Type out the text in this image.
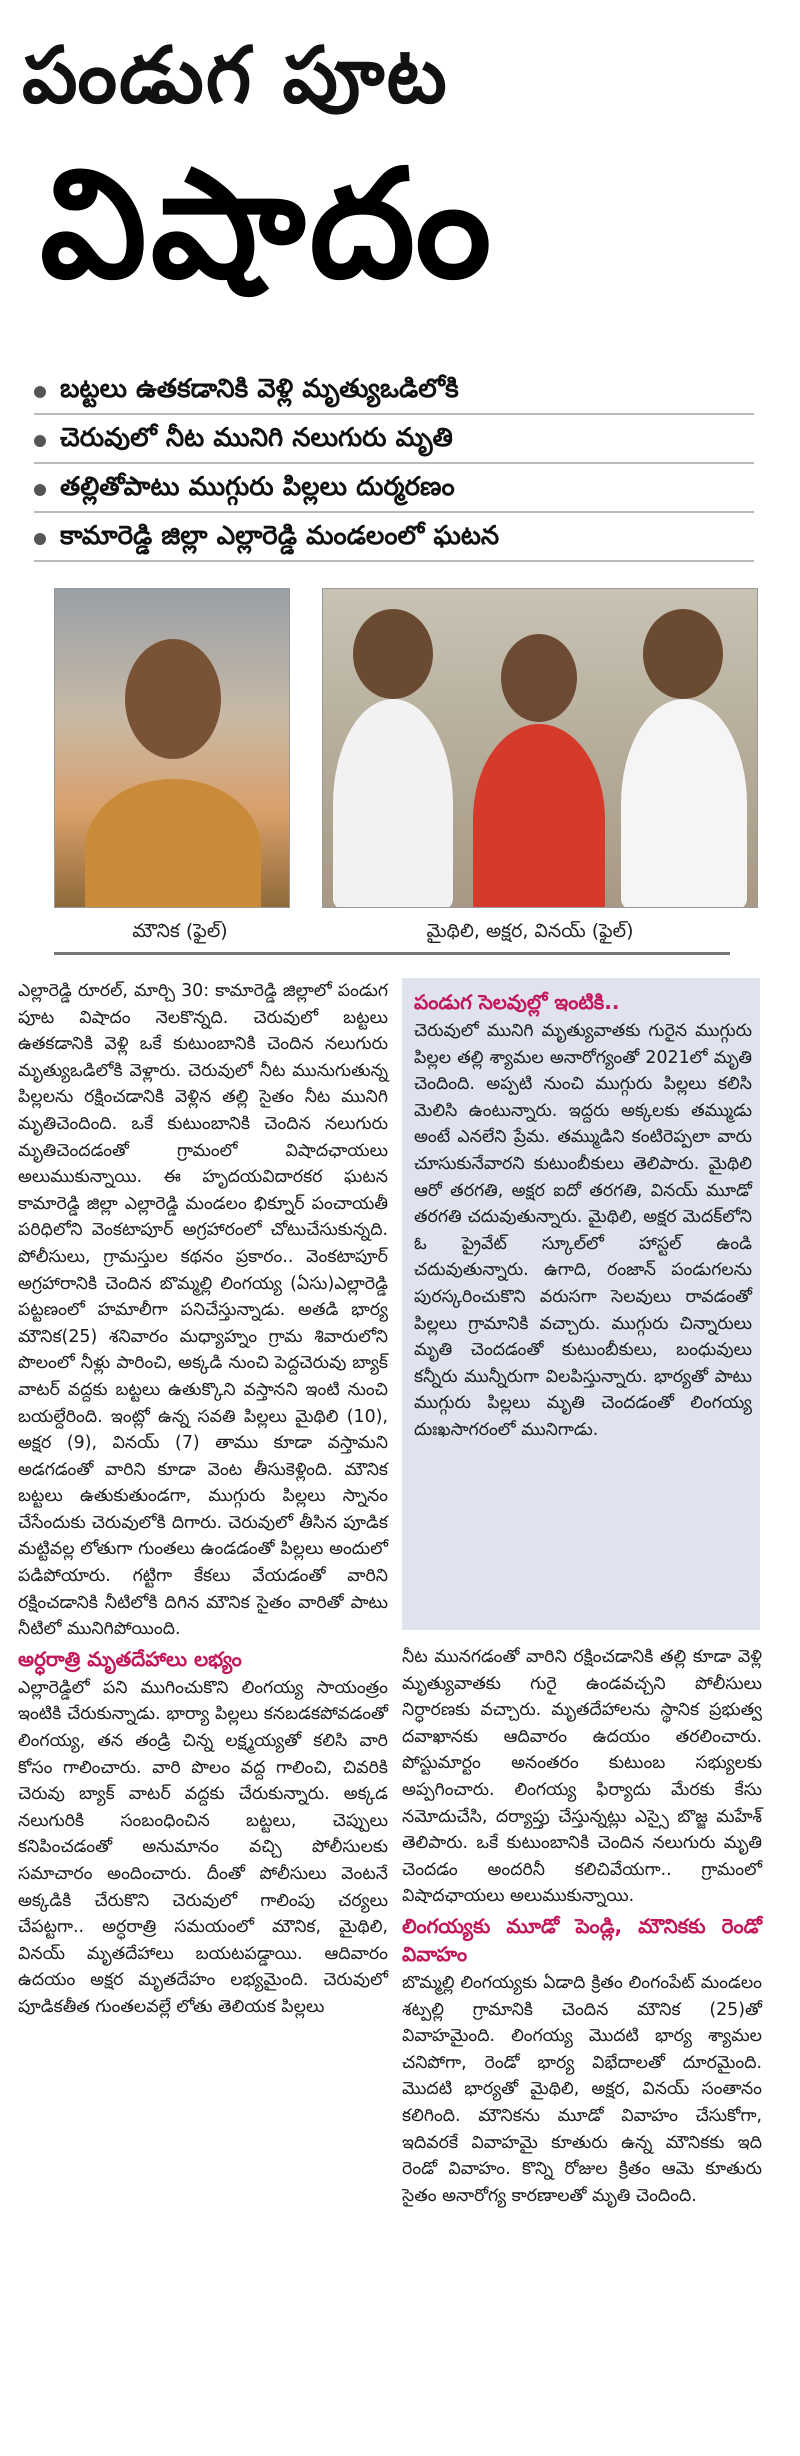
పండుగ పూట
విషాదం
బట్టలు ఉతకడానికి వెళ్లి మృత్యుఒడిలోకి
చెరువులో నీట మునిగి నలుగురు మృతి
తల్లితోపాటు ముగ్గురు పిల్లలు దుర్మరణం
కామారెడ్డి జిల్లా ఎల్లారెడ్డి మండలంలో ఘటన
మౌనిక (ఫైల్)	మైథిలి, అక్షర, వినయ్ (ఫైల్)
ఎల్లారెడ్డి రూరల్, మార్చి 30: కామారెడ్డి జిల్లాలో పండుగ పూట విషాదం నెలకొన్నది. చెరువులో బట్టలు ఉతకడానికి వెళ్లి ఒకే కుటుంబానికి చెందిన నలుగురు మృత్యుఒడిలోకి వెళ్లారు. చెరువులో నీట మునుగుతున్న పిల్లలను రక్షించడానికి వెళ్లిన తల్లి సైతం నీట మునిగి మృతిచెందింది. ఒకే కుటుంబానికి చెందిన నలుగురు మృతిచెందడంతో గ్రామంలో విషాదఛాయలు అలుముకున్నాయి. ఈ హృదయవిదారకర ఘటన కామారెడ్డి జిల్లా ఎల్లారెడ్డి మండలం భిక్నూర్ పంచాయతీ పరిధిలోని వెంకటాపూర్ అగ్రహారంలో చోటుచేసుకున్నది. పోలీసులు, గ్రామస్తుల కథనం ప్రకారం.. వెంకటాపూర్ అగ్రహారానికి చెందిన బొమ్మల్లి లింగయ్య (ఏసు)ఎల్లారెడ్డి పట్టణంలో హమాలీగా పనిచేస్తున్నాడు. అతడి భార్య మౌనిక(25) శనివారం మధ్యాహ్నం గ్రామ శివారులోని పొలంలో నీళ్లు పారించి, అక్కడి నుంచి పెద్దచెరువు బ్యాక్ వాటర్ వద్దకు బట్టలు ఉతుక్కొని వస్తానని ఇంటి నుంచి బయల్దేరింది. ఇంట్లో ఉన్న సవతి పిల్లలు మైథిలి (10), అక్షర (9), వినయ్ (7) తాము కూడా వస్తామని అడగడంతో వారిని కూడా వెంట తీసుకెళ్లింది. మౌనిక బట్టలు ఉతుకుతుండగా, ముగ్గురు పిల్లలు స్నానం చేసేందుకు చెరువులోకి దిగారు. చెరువులో తీసిన పూడిక మట్టివల్ల లోతుగా గుంతలు ఉండడంతో పిల్లలు అందులో పడిపోయారు. గట్టిగా కేకలు వేయడంతో వారిని రక్షించడానికి నీటిలోకి దిగిన మౌనిక సైతం వారితో పాటు నీటిలో మునిగిపోయింది.
అర్ధరాత్రి మృతదేహాలు లభ్యం
ఎల్లారెడ్డిలో పని ముగించుకొని లింగయ్య సాయంత్రం ఇంటికి చేరుకున్నాడు. భార్యా పిల్లలు కనబడకపోవడంతో లింగయ్య, తన తండ్రి చిన్న లక్ష్మయ్యతో కలిసి వారి కోసం గాలించారు. వారి పొలం వద్ద గాలించి, చివరికి చెరువు బ్యాక్ వాటర్ వద్దకు చేరుకున్నారు. అక్కడ నలుగురికి సంబంధించిన బట్టలు, చెప్పులు కనిపించడంతో అనుమానం వచ్చి పోలీసులకు సమాచారం అందించారు. దీంతో పోలీసులు వెంటనే అక్కడికి చేరుకొని చెరువులో గాలింపు చర్యలు చేపట్టగా.. అర్ధరాత్రి సమయంలో మౌనిక, మైథిలి, వినయ్ మృతదేహాలు బయటపడ్డాయి. ఆదివారం ఉదయం అక్షర మృతదేహం లభ్యమైంది. చెరువులో పూడికతీత గుంతలవల్లే లోతు తెలియక పిల్లలు
పండుగ సెలవుల్లో ఇంటికి..
చెరువులో మునిగి మృత్యువాతకు గురైన ముగ్గురు పిల్లల తల్లి శ్యామల అనారోగ్యంతో 2021లో మృతి చెందింది. అప్పటి నుంచి ముగ్గురు పిల్లలు కలిసి మెలిసి ఉంటున్నారు. ఇద్దరు అక్కలకు తమ్ముడు అంటే ఎనలేని ప్రేమ. తమ్ముడిని కంటిరెప్పలా వారు చూసుకునేవారని కుటుంబీకులు తెలిపారు. మైథిలి ఆరో తరగతి, అక్షర ఐదో తరగతి, వినయ్ మూడో తరగతి చదువుతున్నారు. మైథిలి, అక్షర మెదక్‌లోని ఓ ప్రైవేట్ స్కూల్‌లో హాస్టల్ ఉండి చదువుతున్నారు. ఉగాది, రంజాన్ పండుగలను పురస్కరించుకొని వరుసగా సెలవులు రావడంతో పిల్లలు గ్రామానికి వచ్చారు. ముగ్గురు చిన్నారులు మృతి చెందడంతో కుటుంబీకులు, బంధువులు కన్నీరు మున్నీరుగా విలపిస్తున్నారు. భార్యతో పాటు ముగ్గురు పిల్లలు మృతి చెందడంతో లింగయ్య దుఃఖసాగరంలో మునిగాడు.
నీట మునగడంతో వారిని రక్షించడానికి తల్లి కూడా వెళ్లి మృత్యువాతకు గురై ఉండవచ్చని పోలీసులు నిర్ధారణకు వచ్చారు. మృతదేహాలను స్థానిక ప్రభుత్వ దవాఖానకు ఆదివారం ఉదయం తరలించారు. పోస్టుమార్టం అనంతరం కుటుంబ సభ్యులకు అప్పగించారు. లింగయ్య ఫిర్యాదు మేరకు కేసు నమోదుచేసి, దర్యాప్తు చేస్తున్నట్లు ఎస్సై బొజ్జ మహేశ్ తెలిపారు. ఒకే కుటుంబానికి చెందిన నలుగురు మృతి చెందడం అందరినీ కలిచివేయగా.. గ్రామంలో విషాదఛాయలు అలుముకున్నాయి.
లింగయ్యకు మూడో పెండ్లి, మౌనికకు రెండో వివాహం
బొమ్మల్లి లింగయ్యకు ఏడాది క్రితం లింగంపేట్ మండలం శట్పల్లి గ్రామానికి చెందిన మౌనిక (25)తో వివాహమైంది. లింగయ్య మొదటి భార్య శ్యామల చనిపోగా, రెండో భార్య విభేదాలతో దూరమైంది. మొదటి భార్యతో మైథిలి, అక్షర, వినయ్ సంతానం కలిగింది. మౌనికను మూడో వివాహం చేసుకోగా, ఇదివరకే వివాహమై కూతురు ఉన్న మౌనికకు ఇది రెండో వివాహం. కొన్ని రోజుల క్రితం ఆమె కూతురు సైతం అనారోగ్య కారణాలతో మృతి చెందింది.
